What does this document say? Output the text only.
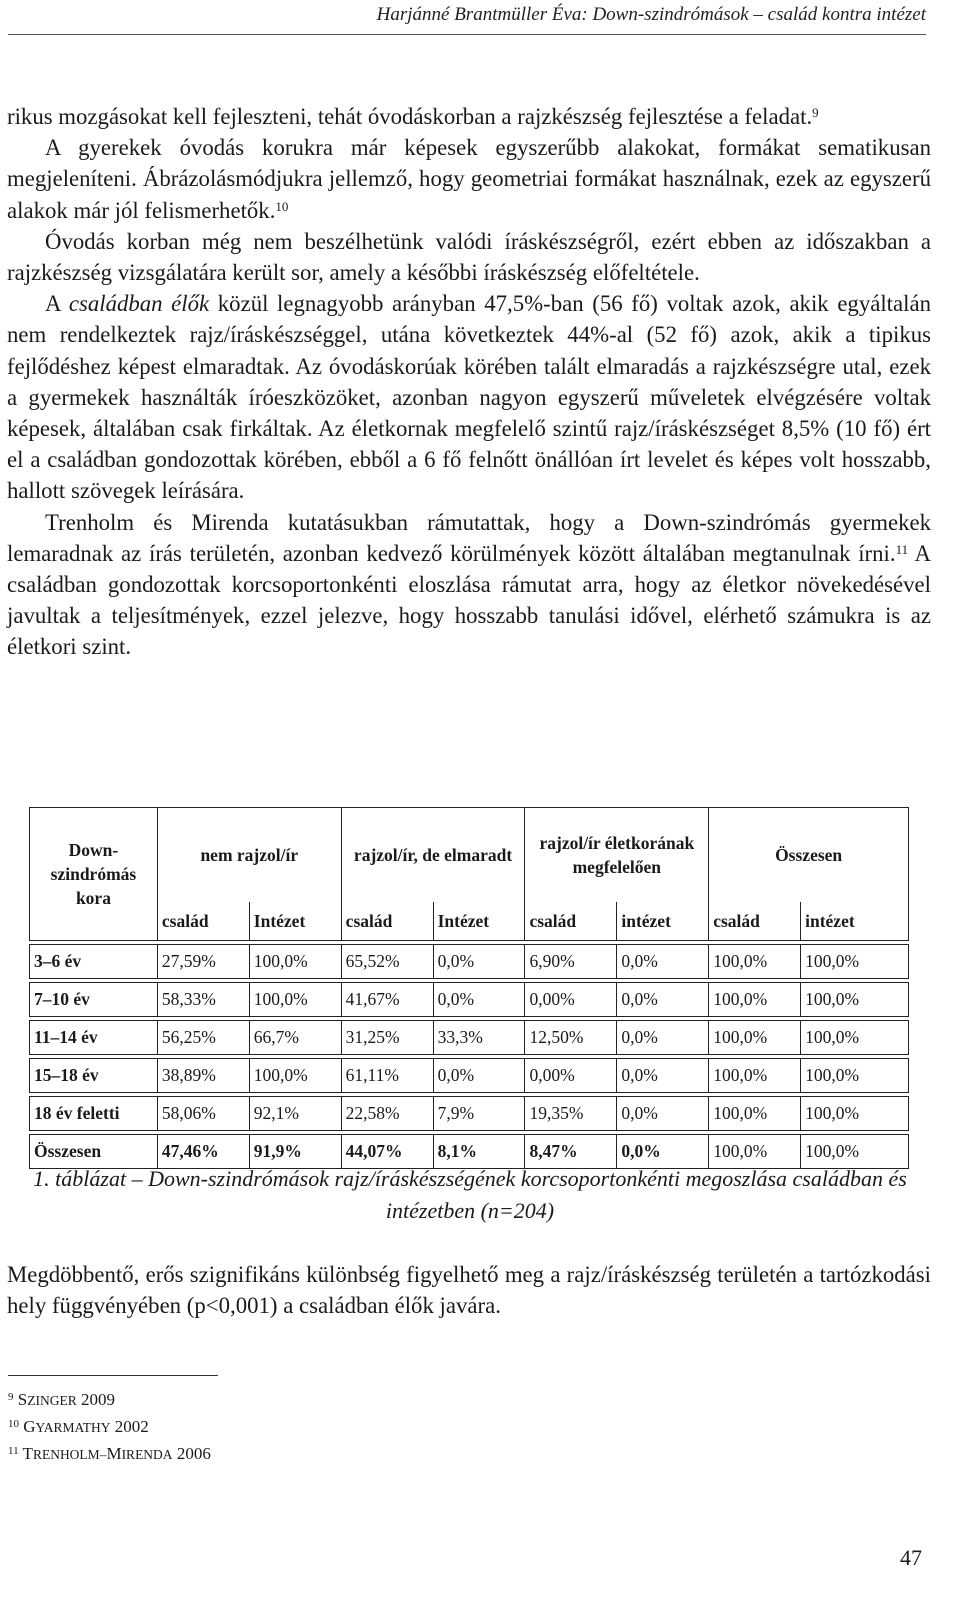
Harjánné Brantmüller Éva: Down-szindrómások – család kontra intézet

rikus mozgásokat kell fejleszteni, tehát óvodáskorban a rajzkészség fejlesztése a feladat.$^9$

A gyerekek óvodás korukra már képesek egyszerűbb alakokat, formákat sematikusan megjeleníteni. Ábrázolásmódjukra jellemző, hogy geometriai formákat használnak, ezek az egyszerű alakok már jól felismerhetők.$^{10}$

Óvodás korban még nem beszélhetünk valódi íráskészségről, ezért ebben az időszakban a rajzkészség vizsgálatára került sor, amely a későbbi íráskészség előfeltétele.

A családban élők közül legnagyobb arányban 47,5%-ban (56 fő) voltak azok, akik egyáltalán nem rendelkeztek rajz/íráskészséggel, utána következtek 44%-al (52 fő) azok, akik a tipikus fejlődéshez képest elmaradtak. Az óvodáskorúak körében talált elmaradás a rajzkészségre utal, ezek a gyermekek használták íróeszközöket, azonban nagyon egyszerű műveletek elvégzésére voltak képesek, általában csak firkáltak. Az életkornak megfelelő szintű rajz/íráskészséget 8,5% (10 fő) ért el a családban gondozottak körében, ebből a 6 fő felnőtt önállóan írt levelet és képes volt hosszabb, hallott szövegek leírására.

Trenholm és Mirenda kutatásukban rámutattak, hogy a Down-szindrómás gyermekek lemaradnak az írás területén, azonban kedvező körülmények között általában megtanulnak írni.$^{11}$ A családban gondozottak korcsoportonkénti eloszlása rámutat arra, hogy az életkor növekedésével javultak a teljesítmények, ezzel jelezve, hogy hosszabb tanulási idővel, elérhető számukra is az életkori szint.

Down-szindrómás kora	nem rajzol/ír		rajzol/ír, de elmaradt		rajzol/ír életkorának megfelelően		Összesen	
	család	Intézet	család	Intézet	család	intézet	család	intézet

3–6 év	27,59%	100,0%	65,52%	0,0%	6,90%	0,0%	100,0%	100,0%

7–10 év	58,33%	100,0%	41,67%	0,0%	0,00%	0,0%	100,0%	100,0%

11–14 év	56,25%	66,7%	31,25%	33,3%	12,50%	0,0%	100,0%	100,0%

15–18 év	38,89%	100,0%	61,11%	0,0%	0,00%	0,0%	100,0%	100,0%

18 év feletti	58,06%	92,1%	22,58%	7,9%	19,35%	0,0%	100,0%	100,0%

Összesen	47,46%	91,9%	44,07%	8,1%	8,47%	0,0%	100,0%	100,0%
1. táblázat – Down-szindrómások rajz/íráskészségének korcsoportonkénti megoszlása családban és intézetben (n=204)

Megdöbbentő, erős szignifikáns különbség figyelhető meg a rajz/íráskészség területén a tartózkodási hely függvényében (p<0,001) a családban élők javára.

$^9$ SZINGER 2009
$^{10}$ GYARMATHY 2002
$^{11}$ TRENHOLM–MIRENDA 2006
47
